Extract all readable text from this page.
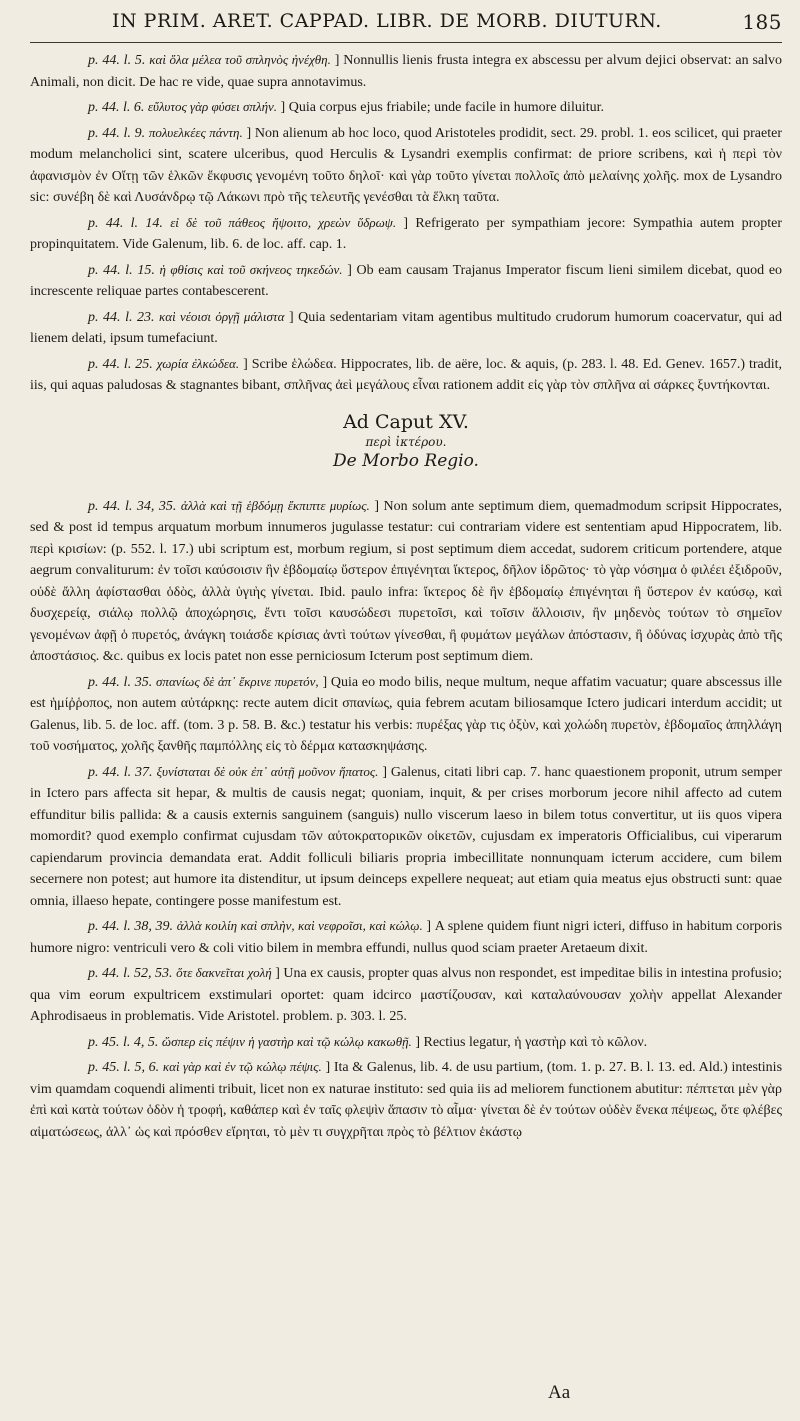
IN PRIM. ARET. CAPPAD. LIBR. DE MORB. DIUTURN.	185

p. 44. l. 5. καὶ ὅλα μέλεα τοῦ σπληνὸς ἠνέχθη. ] Nonnullis lienis frusta integra ex abscessu per alvum dejici observat: an salvo Animali, non dicit. De hac re vide, quae supra annotavimus.

p. 44. l. 6. εὔλυτος γὰρ φύσει σπλήν. ] Quia corpus ejus friabile; unde facile in humore diluitur.

p. 44. l. 9. πολυελκέες πάντη. ] Non alienum ab hoc loco, quod Aristoteles prodidit, sect. 29. probl. 1. eos scilicet, qui praeter modum melancholici sint, scatere ulceribus, quod Herculis & Lysandri exemplis confirmat: de priore scribens, καὶ ἡ περὶ τὸν ἀφανισμὸν ἐν Οἴτῃ τῶν ἑλκῶν ἔκφυσις γενομένη τοῦτο δηλοῖ· καὶ γὰρ τοῦτο γίνεται πολλοῖς ἀπὸ μελαίνης χολῆς. mox de Lysandro sic: συνέβη δὲ καὶ Λυσάνδρῳ τῷ Λάκωνι πρὸ τῆς τελευτῆς γενέσθαι τὰ ἕλκη ταῦτα.

p. 44. l. 14. εἰ δὲ τοῦ πάθεος ἥψοιτο, χρεὼν ὕδρωψ. ] Refrigerato per sympathiam jecore: Sympathia autem propter propinquitatem. Vide Galenum, lib. 6. de loc. aff. cap. 1.

p. 44. l. 15. ἡ φθίσις καὶ τοῦ σκήνεος τηκεδών. ] Ob eam causam Trajanus Imperator fiscum lieni similem dicebat, quod eo increscente reliquae partes contabescerent.

p. 44. l. 23. καὶ νέοισι ὀργῇ μάλιστα ] Quia sedentariam vitam agentibus multitudo crudorum humorum coacervatur, qui ad lienem delati, ipsum tumefaciunt.

p. 44. l. 25. χωρία ἐλκώδεα. ] Scribe ἑλώδεα. Hippocrates, lib. de aëre, loc. & aquis, (p. 283. l. 48. Ed. Genev. 1657.) tradit, iis, qui aquas paludosas & stagnantes bibant, σπλῆνας ἀεὶ μεγάλους εἶναι rationem addit εἰς γὰρ τὸν σπλῆνα αἱ σάρκες ξυντήκονται.

Ad Caput XV.
περὶ ἰκτέρου.
De Morbo Regio.

p. 44. l. 34, 35. ἀλλὰ καὶ τῇ ἑβδόμῃ ἔκπιπτε μυρίως. ] Non solum ante septimum diem, quemadmodum scripsit Hippocrates, sed & post id tempus arquatum morbum innumeros jugulasse testatur: cui contrariam videre est sententiam apud Hippocratem, lib. περὶ κρισίων: (p. 552. l. 17.) ubi scriptum est, morbum regium, si post septimum diem accedat, sudorem criticum portendere, atque aegrum convaliturum: ἐν τοῖσι καύσοισιν ἢν ἑβδομαίῳ ὕστερον ἐπιγένηται ἴκτερος, δῆλον ἱδρῶτος· τὸ γὰρ νόσημα ὁ φιλέει ἐξιδροῦν, οὐδὲ ἄλλη ἀφίστασθαι ὁδὸς, ἀλλὰ ὑγιὴς γίνεται. Ibid. paulo infra: ἴκτερος δὲ ἢν ἑβδομαίῳ ἐπιγένηται ἢ ὕστερον ἐν καύσῳ, καὶ δυσχερείᾳ, σιάλῳ πολλῷ ἀποχώρησις, ἔντι τοῖσι καυσώδεσι πυρετοῖσι, καὶ τοῖσιν ἄλλοισιν, ἢν μηδενὸς τούτων τὸ σημεῖον γενομένων ἀφῇ ὁ πυρετός, ἀνάγκη τοιάσδε κρίσιας ἀντὶ τούτων γίνεσθαι, ἢ φυμάτων μεγάλων ἀπόστασιν, ἢ ὀδύνας ἰσχυρὰς ἀπὸ τῆς ἀποστάσιος. &c. quibus ex locis patet non esse perniciosum Icterum post septimum diem.

p. 44. l. 35. σπανίως δὲ ἀπ᾽ ἔκρινε πυρετόν, ] Quia eo modo bilis, neque multum, neque affatim vacuatur; quare abscessus ille est ἡμίῤῥοπος, non autem αὐτάρκης: recte autem dicit σπανίως, quia febrem acutam biliosamque Ictero judicari interdum accidit; ut Galenus, lib. 5. de loc. aff. (tom. 3 p. 58. B. &c.) testatur his verbis: πυρέξας γὰρ τις ὀξὺν, καὶ χολώδη πυρετὸν, ἑβδομαῖος ἀπηλλάγη τοῦ νοσήματος, χολῆς ξανθῆς παμπόλλης εἰς τὸ δέρμα κατασκηψάσης.

p. 44. l. 37. ξυνίσταται δὲ οὐκ ἐπ᾽ αὐτῇ μοῦνον ἥπατος. ] Galenus, citati libri cap. 7. hanc quaestionem proponit, utrum semper in Ictero pars affecta sit hepar, & multis de causis negat; quoniam, inquit, & per crises morborum jecore nihil affecto ad cutem effunditur bilis pallida: & a causis externis sanguinem (sanguis) nullo viscerum laeso in bilem totus convertitur, ut iis quos vipera momordit? quod exemplo confirmat cujusdam τῶν αὐτοκρατορικῶν οἰκετῶν, cujusdam ex imperatoris Officialibus, cui viperarum capiendarum provincia demandata erat. Addit folliculi biliaris propria imbecillitate nonnunquam icterum accidere, cum bilem secernere non potest; aut humore ita distenditur, ut ipsum deinceps expellere nequeat; aut etiam quia meatus ejus obstructi sunt: quae omnia, illaeso hepate, contingere posse manifestum est.

p. 44. l. 38, 39. ἀλλὰ κοιλίη καὶ σπλὴν, καὶ νεφροῖσι, καὶ κώλῳ. ] A splene quidem fiunt nigri icteri, diffuso in habitum corporis humore nigro: ventriculi vero & coli vitio bilem in membra effundi, nullus quod sciam praeter Aretaeum dixit.

p. 44. l. 52, 53. ὅτε δακνεῖται χολή ] Una ex causis, propter quas alvus non respondet, est impeditae bilis in intestina profusio; qua vim eorum expultricem exstimulari oportet: quam idcirco μαστίζουσαν, καὶ καταλαύνουσαν χολὴν appellat Alexander Aphrodisaeus in problematis. Vide Aristotel. problem. p. 303. l. 25.

p. 45. l. 4, 5. ὥσπερ εἰς πέψιν ἡ γαστὴρ καὶ τῷ κώλῳ κακωθῇ. ] Rectius legatur, ἡ γαστὴρ καὶ τὸ κῶλον.

p. 45. l. 5, 6. καὶ γὰρ καὶ ἐν τῷ κώλῳ πέψις. ] Ita & Galenus, lib. 4. de usu partium, (tom. 1. p. 27. B. l. 13. ed. Ald.) intestinis vim quamdam coquendi alimenti tribuit, licet non ex naturae instituto: sed quia iis ad meliorem functionem abutitur: πέπτεται μὲν γὰρ ἐπὶ καὶ κατὰ τούτων ὁδὸν ἡ τροφή, καθάπερ καὶ ἐν ταῖς φλεψὶν ἅπασιν τὸ αἷμα· γίνεται δὲ ἐν τούτων οὐδὲν ἕνεκα πέψεως, ὅτε φλέβες αἱματώσεως, ἀλλ᾽ ὡς καὶ πρόσθεν εἴρηται, τὸ μὲν τι συγχρῆται πρὸς τὸ βέλτιον ἑκάστῳ

Aa
